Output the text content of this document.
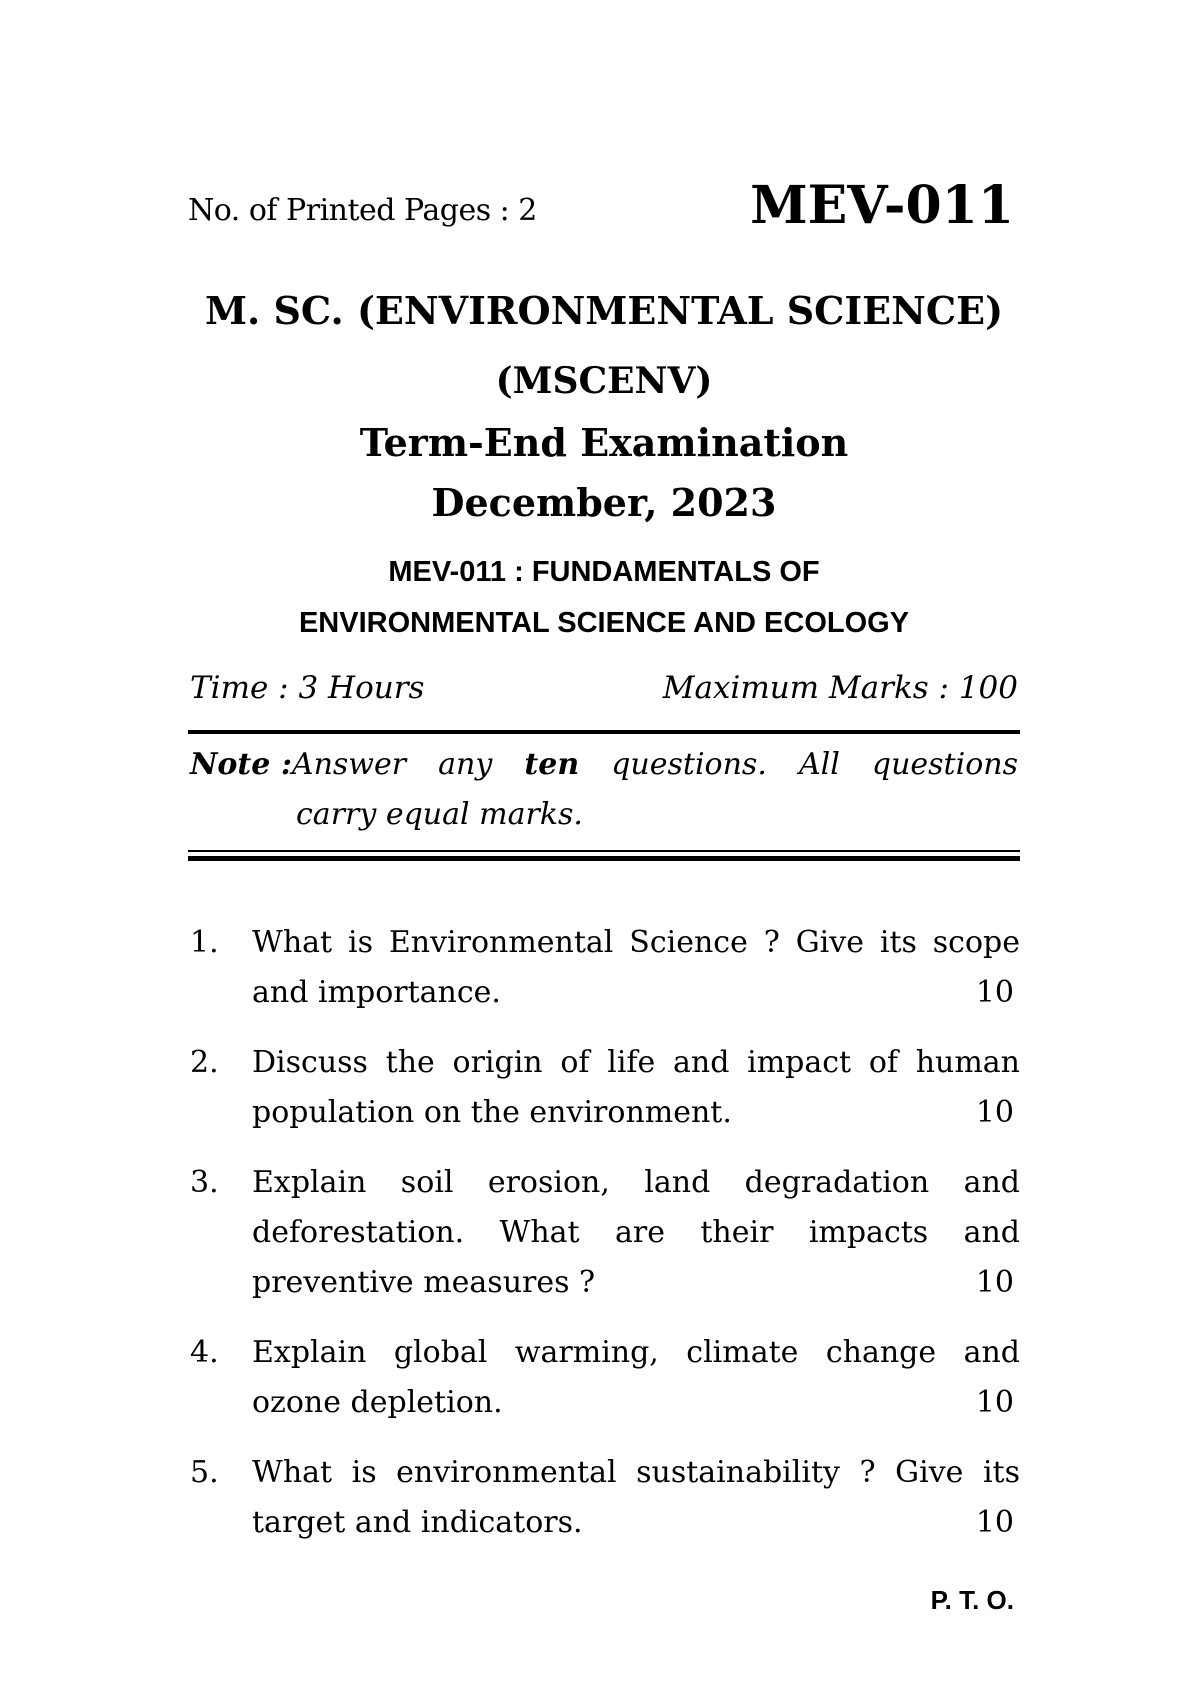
No. of Printed Pages : 2	MEV-011
M. SC. (ENVIRONMENTAL SCIENCE)
(MSCENV)
Term-End Examination
December, 2023
MEV-011 : FUNDAMENTALS OF
ENVIRONMENTAL SCIENCE AND ECOLOGY
Time : 3 Hours	Maximum Marks : 100
Note :Answer any ten questions. All questions
carry equal marks.
1. What is Environmental Science ? Give its scope and importance.	10
2. Discuss the origin of life and impact of human population on the environment.	10
3. Explain soil erosion, land degradation and deforestation. What are their impacts and preventive measures ?	10
4. Explain global warming, climate change and ozone depletion.	10
5. What is environmental sustainability ? Give its target and indicators.	10
P. T. O.
